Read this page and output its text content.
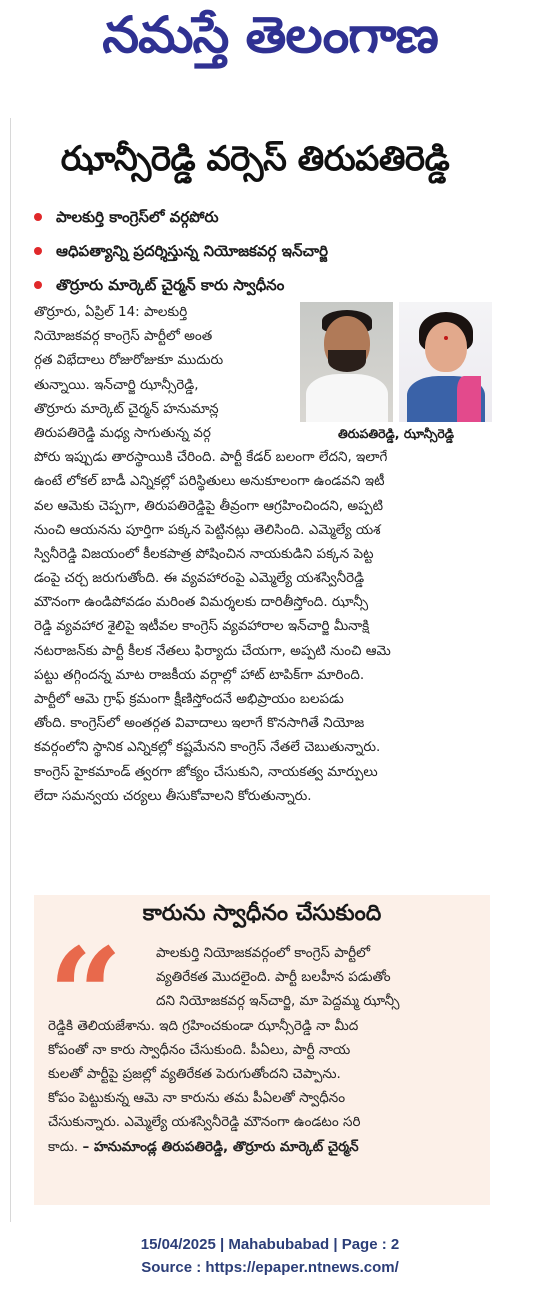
నమస్తే తెలంగాణ
ఝాన్సీరెడ్డి వర్సెస్ తిరుపతిరెడ్డి
పాలకుర్తి కాంగ్రెస్‌లో వర్గపోరు
ఆధిపత్యాన్ని ప్రదర్శిస్తున్న నియోజకవర్గ ఇన్‌చార్జి
తొర్రూరు మార్కెట్ చైర్మన్ కారు స్వాధీనం
తిరుపతిరెడ్డి, ఝాన్సీరెడ్డి
తొర్రూరు, ఏప్రిల్ 14: పాలకుర్తి
నియోజకవర్గ కాంగ్రెస్ పార్టీలో అంత
ర్గత విభేదాలు రోజురోజుకూ ముదురు
తున్నాయి. ఇన్‌చార్జి ఝాన్సీరెడ్డి,
తొర్రూరు మార్కెట్ చైర్మన్ హనుమాన్ల
తిరుపతిరెడ్డి మధ్య సాగుతున్న వర్గ
పోరు ఇప్పుడు తారస్థాయికి చేరింది. పార్టీ కేడర్ బలంగా లేదని, ఇలాగే
ఉంటే లోకల్ బాడీ ఎన్నికల్లో పరిస్థితులు అనుకూలంగా ఉండవని ఇటీ
వల ఆమెకు చెప్పగా, తిరుపతిరెడ్డిపై తీవ్రంగా ఆగ్రహించిందని, అప్పటి
నుంచి ఆయనను పూర్తిగా పక్కన పెట్టినట్లు తెలిసింది. ఎమ్మెల్యే యశ
స్వినీరెడ్డి విజయంలో కీలకపాత్ర పోషించిన నాయకుడిని పక్కన పెట్ట
డంపై చర్చ జరుగుతోంది. ఈ వ్యవహారంపై ఎమ్మెల్యే యశస్వినీరెడ్డి
మౌనంగా ఉండిపోవడం మరింత విమర్శలకు దారితీస్తోంది. ఝాన్సీ
రెడ్డి వ్యవహార శైలిపై ఇటీవల కాంగ్రెస్ వ్యవహారాల ఇన్‌చార్జి మీనాక్షి
నటరాజన్‌కు పార్టీ కీలక నేతలు ఫిర్యాదు చేయగా, అప్పటి నుంచి ఆమె
పట్టు తగ్గిందన్న మాట రాజకీయ వర్గాల్లో హాట్ టాపిక్‌గా మారింది.
పార్టీలో ఆమె గ్రాఫ్ క్రమంగా క్షీణిస్తోందనే అభిప్రాయం బలపడు
తోంది. కాంగ్రెస్‌లో అంతర్గత వివాదాలు ఇలాగే కొనసాగితే నియోజ
కవర్గంలోని స్థానిక ఎన్నికల్లో కష్టమేనని కాంగ్రెస్ నేతలే చెబుతున్నారు.
కాంగ్రెస్ హైకమాండ్ త్వరగా జోక్యం చేసుకుని, నాయకత్వ మార్పులు
లేదా సమన్వయ చర్యలు తీసుకోవాలని కోరుతున్నారు.
కారును స్వాధీనం చేసుకుంది
“	పాలకుర్తి నియోజకవర్గంలో కాంగ్రెస్ పార్టీలో
వ్యతిరేకత మొదలైంది. పార్టీ బలహీన పడుతోం
దని నియోజకవర్గ ఇన్‌చార్జి, మా పెద్దమ్మ ఝాన్సీ
రెడ్డికి తెలియజేశాను. ఇది గ్రహించకుండా ఝాన్సీరెడ్డి నా మీద
కోపంతో నా కారు స్వాధీనం చేసుకుంది. పీఏలు, పార్టీ నాయ
కులతో పార్టీపై ప్రజల్లో వ్యతిరేకత పెరుగుతోందని చెప్పాను.
కోపం పెట్టుకున్న ఆమె నా కారును తమ పీఏలతో స్వాధీనం
చేసుకున్నారు. ఎమ్మెల్యే యశస్వినీరెడ్డి మౌనంగా ఉండటం సరి
కాదు. – హనుమాండ్ల తిరుపతిరెడ్డి, తొర్రూరు మార్కెట్ చైర్మన్
15/04/2025 | Mahabubabad | Page : 2
Source : https://epaper.ntnews.com/
